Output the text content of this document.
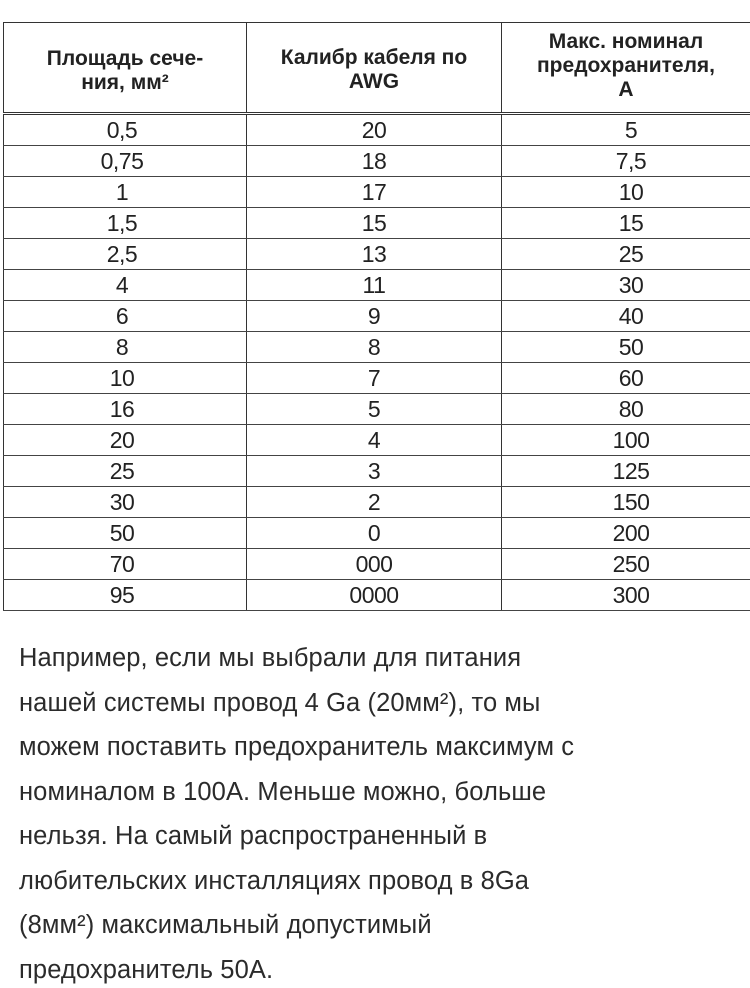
Площадь сече-ния, мм²	Калибр кабеля по AWG	Макс. номинал предохранителя, А

0,5	20	5
0,75	18	7,5
1	17	10
1,5	15	15
2,5	13	25
4	11	30
6	9	40
8	8	50
10	7	60
16	5	80
20	4	100
25	3	125
30	2	150
50	0	200
70	000	250
95	0000	300
Например, если мы выбрали для питания
нашей системы провод 4 Ga (20мм²), то мы
можем поставить предохранитель максимум с
номиналом в 100А. Меньше можно, больше
нельзя. На самый распространенный в
любительских инсталляциях провод в 8Ga
(8мм²) максимальный допустимый
предохранитель 50А.
